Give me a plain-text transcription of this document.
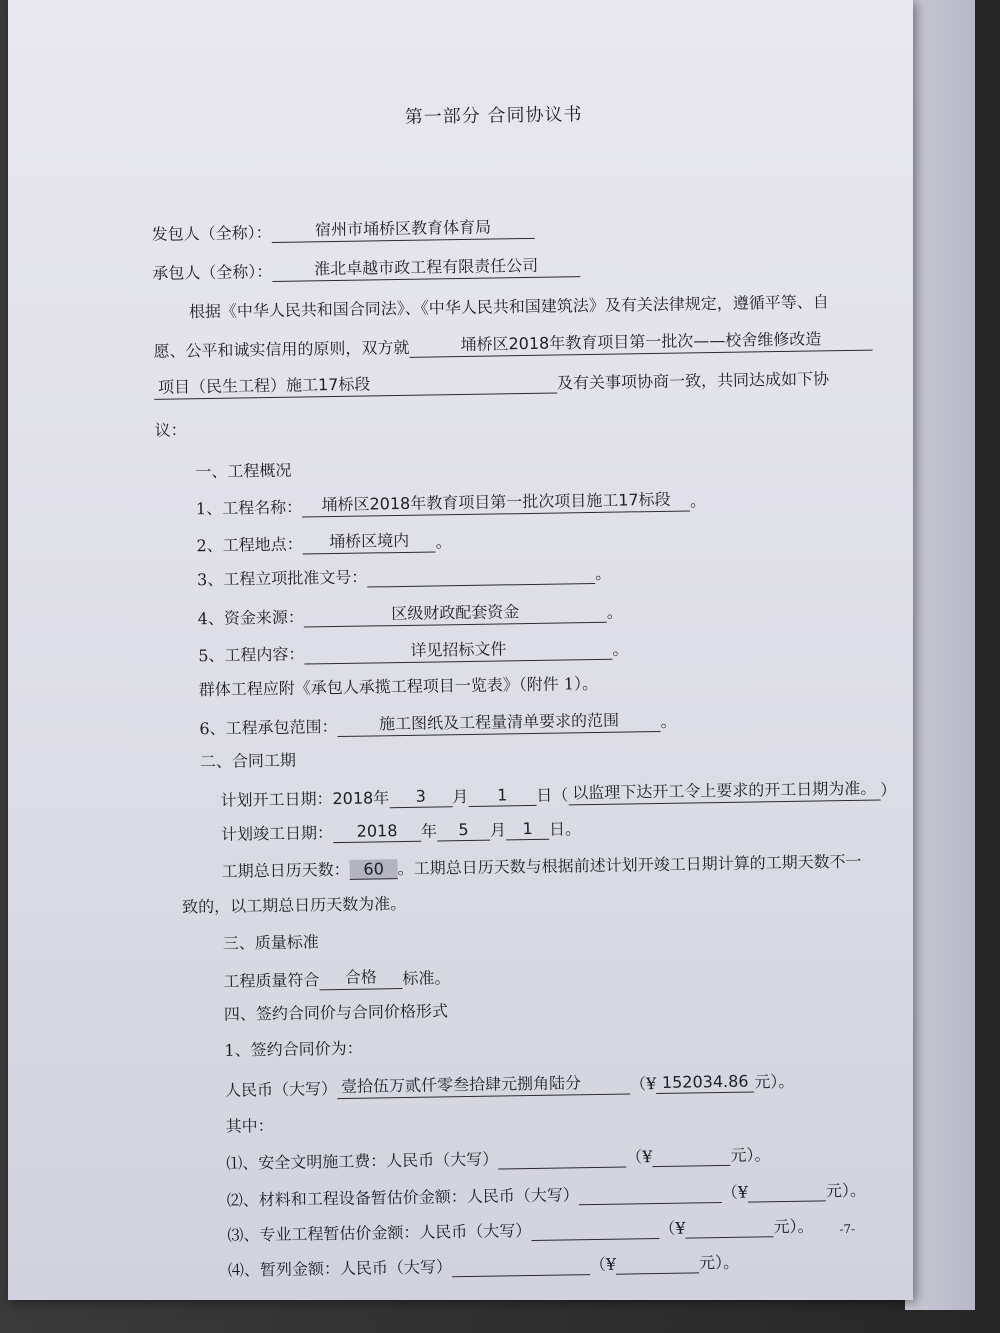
第一部分 合同协议书
发包人（全称）：	宿州市埇桥区教育体育局
承包人（全称）：	淮北卓越市政工程有限责任公司
根据《中华人民共和国合同法》、《中华人民共和国建筑法》及有关法律规定，遵循平等、自
愿、公平和诚实信用的原则，双方就	埇桥区2018年教育项目第一批次——校舍维修改造
项目（民生工程）施工17标段	及有关事项协商一致，共同达成如下协
议：
一、工程概况
1、工程名称： 埇桥区2018年教育项目第一批次项目施工17标段 。
2、工程地点： 埇桥区境内 。
3、工程立项批准文号：	。
4、资金来源：	区级财政配套资金	。
5、工程内容：	详见招标文件	。
群体工程应附《承包人承揽工程项目一览表》（附件 1）。
6、工程承包范围：	施工图纸及工程量清单要求的范围	。
二、合同工期
计划开工日期：2018年 3 月 1 日（ 以监理下达开工令上要求的开工日期为准。 ）
计划竣工日期： 2018 年 5 月 1 日。
工期总日历天数： 60 。工期总日历天数与根据前述计划开竣工日期计算的工期天数不一
致的，以工期总日历天数为准。
三、质量标准
工程质量符合 合格 标准。
四、签约合同价与合同价格形式
1、签约合同价为：
人民币（大写） 壹拾伍万贰仟零叁拾肆元捌角陆分	（¥ 152034.86 元）。
其中：
⑴、安全文明施工费：人民币（大写）	（¥	元）。
⑵、材料和工程设备暂估价金额：人民币（大写）	（¥	元）。
⑶、专业工程暂估价金额：人民币（大写）	（¥	元）。
⑷、暂列金额：人民币（大写）	（¥	元）。
-7-
